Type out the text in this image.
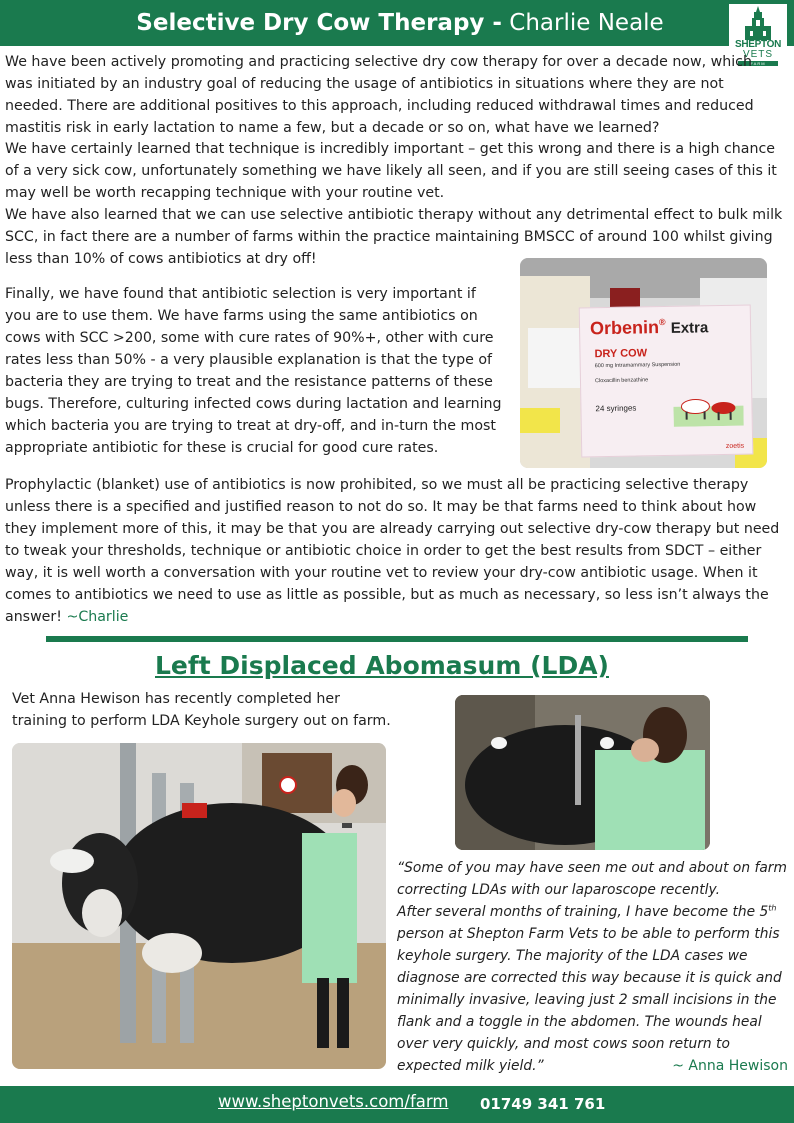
Selective Dry Cow Therapy - Charlie Neale
SHEPTON
VETS
FARM

We have been actively promoting and practicing selective dry cow therapy for over a decade now, which was initiated by an industry goal of reducing the usage of antibiotics in situations where they are not needed. There are additional positives to this approach, including reduced withdrawal times and reduced mastitis risk in early lactation to name a few, but a decade or so on, what have we learned?

We have certainly learned that technique is incredibly important – get this wrong and there is a high chance of a very sick cow, unfortunately something we have likely all seen, and if you are still seeing cases of this it may well be worth recapping technique with your routine vet.

We have also learned that we can use selective antibiotic therapy without any detrimental effect to bulk milk SCC, in fact there are a number of farms within the practice maintaining BMSCC of around 100 whilst giving less than 10% of cows antibiotics at dry off!

Finally, we have found that antibiotic selection is very important if you are to use them. We have farms using the same antibiotics on cows with SCC >200, some with cure rates of 90%+, other with cure rates less than 50% - a very plausible explanation is that the type of bacteria they are trying to treat and the resistance patterns of these bugs. Therefore, culturing infected cows during lactation and learning which bacteria you are trying to treat at dry-off, and in-turn the most appropriate antibiotic for these is crucial for good cure rates.

Orbenin® Extra
DRY COW
600 mg Intramammary Suspension
Cloxacillin benzathine
24 syringes
zoetis

Prophylactic (blanket) use of antibiotics is now prohibited, so we must all be practicing selective therapy unless there is a specified and justified reason to not do so. It may be that farms need to think about how they implement more of this, it may be that you are already carrying out selective dry-cow therapy but need to tweak your thresholds, technique or antibiotic choice in order to get the best results from SDCT – either way, it is well worth a conversation with your routine vet to review your dry-cow antibiotic usage. When it comes to antibiotics we need to use as little as possible, but as much as necessary, so less isn’t always the answer! ~Charlie

Left Displaced Abomasum (LDA)

Vet Anna Hewison has recently completed her training to perform LDA Keyhole surgery out on farm.

“Some of you may have seen me out and about on farm correcting LDAs with our laparoscope recently.
After several months of training, I have become the 5th person at Shepton Farm Vets to be able to perform this keyhole surgery. The majority of the LDA cases we diagnose are corrected this way because it is quick and minimally invasive, leaving just 2 small incisions in the flank and a toggle in the abdomen. The wounds heal over very quickly, and most cows soon return to expected milk yield.”	~ Anna Hewison
www.sheptonvets.com/farm 01749 341 761
